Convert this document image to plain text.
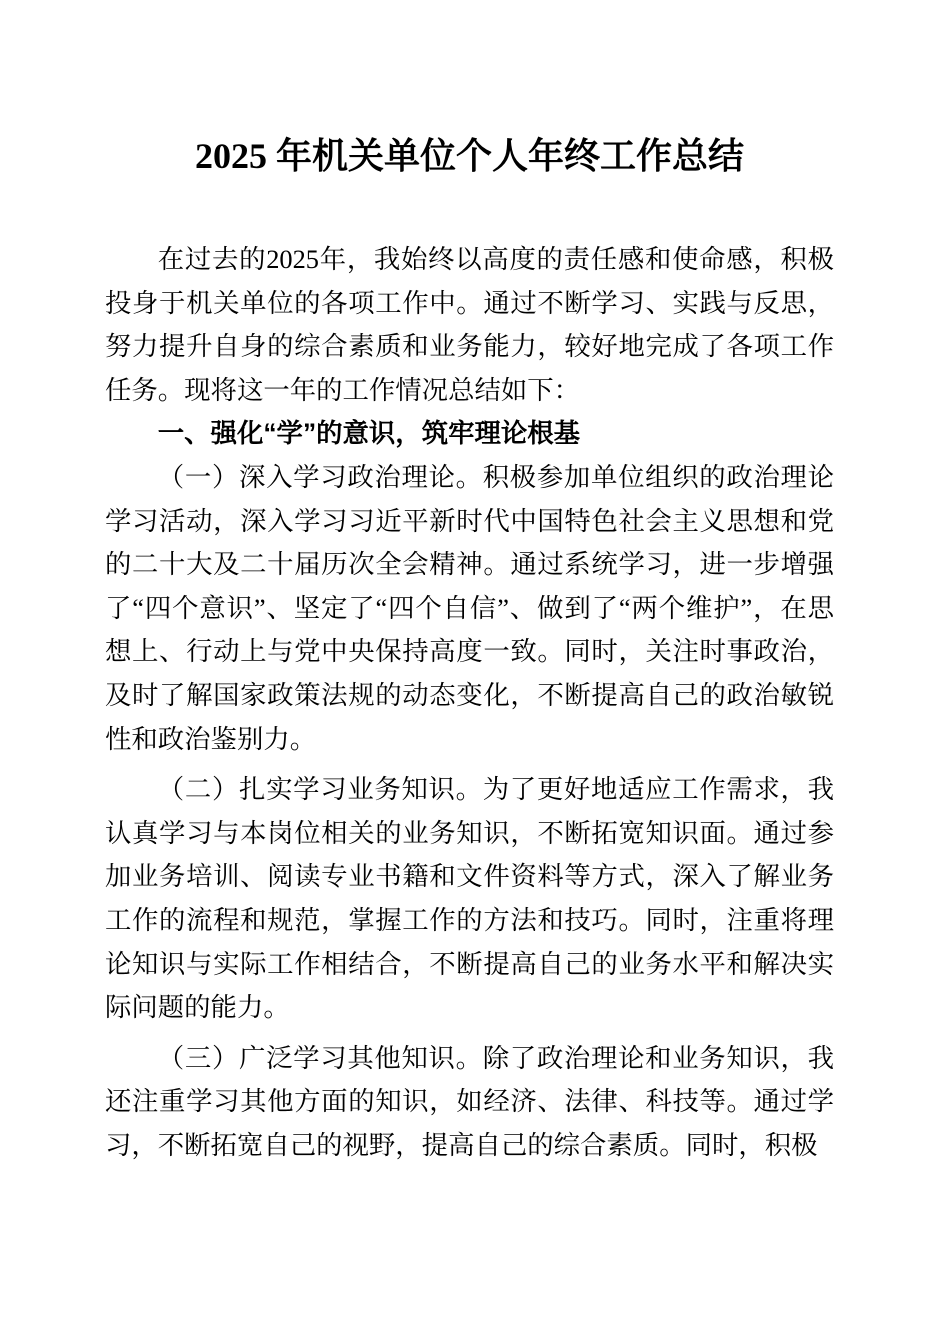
2025 年机关单位个人年终工作总结

在过去的2025年，我始终以高度的责任感和使命感，积极投身于机关单位的各项工作中。通过不断学习、实践与反思，努力提升自身的综合素质和业务能力，较好地完成了各项工作任务。现将这一年的工作情况总结如下：

一、强化“学”的意识，筑牢理论根基

（一）深入学习政治理论。积极参加单位组织的政治理论学习活动，深入学习习近平新时代中国特色社会主义思想和党的二十大及二十届历次全会精神。通过系统学习，进一步增强了“四个意识”、坚定了“四个自信”、做到了“两个维护”，在思想上、行动上与党中央保持高度一致。同时，关注时事政治，及时了解国家政策法规的动态变化，不断提高自己的政治敏锐性和政治鉴别力。

（二）扎实学习业务知识。为了更好地适应工作需求，我认真学习与本岗位相关的业务知识，不断拓宽知识面。通过参加业务培训、阅读专业书籍和文件资料等方式，深入了解业务工作的流程和规范，掌握工作的方法和技巧。同时，注重将理论知识与实际工作相结合，不断提高自己的业务水平和解决实际问题的能力。

（三）广泛学习其他知识。除了政治理论和业务知识，我还注重学习其他方面的知识，如经济、法律、科技等。通过学习，不断拓宽自己的视野，提高自己的综合素质。同时，积极
